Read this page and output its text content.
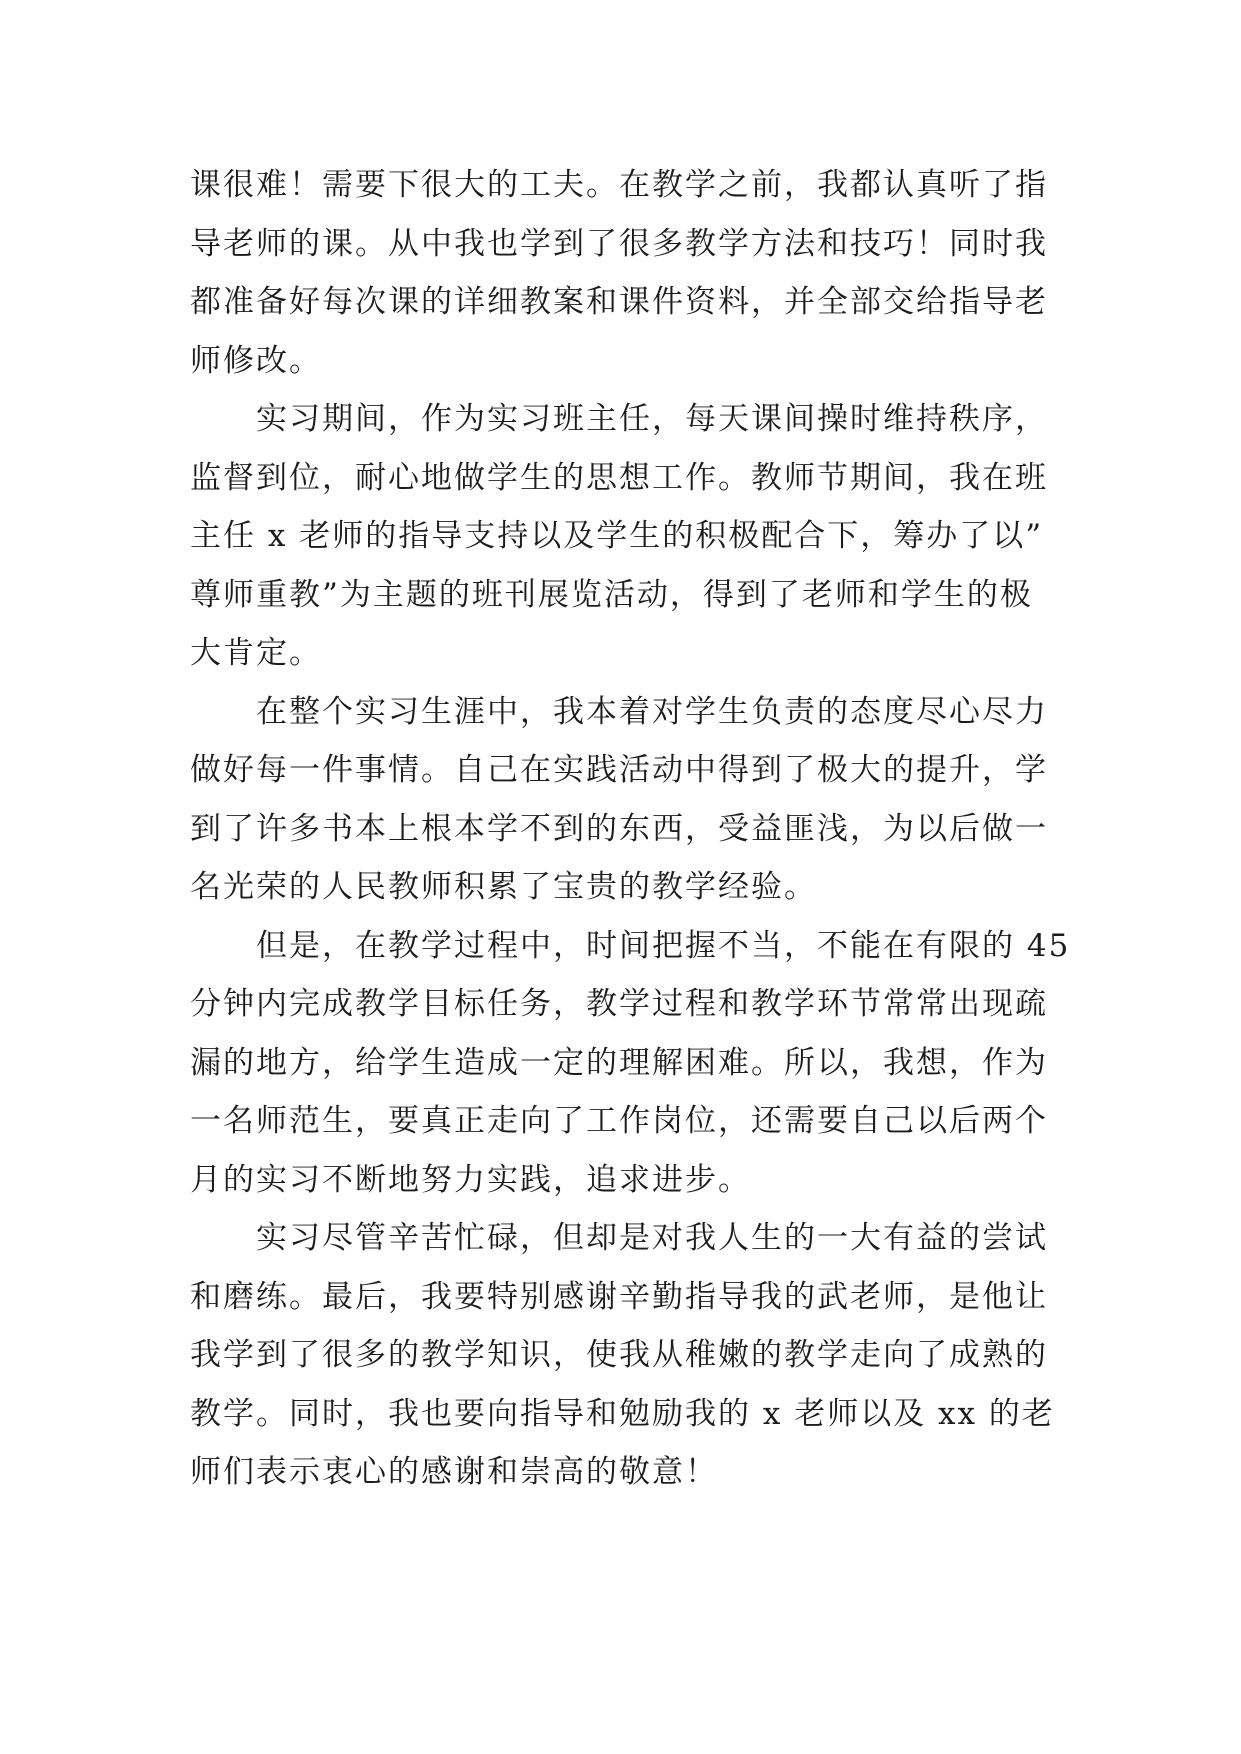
课很难！需要下很大的工夫。在教学之前，我都认真听了指
导老师的课。从中我也学到了很多教学方法和技巧！同时我
都准备好每次课的详细教案和课件资料，并全部交给指导老
师修改。
实习期间，作为实习班主任，每天课间操时维持秩序，
监督到位，耐心地做学生的思想工作。教师节期间，我在班
主任 x 老师的指导支持以及学生的积极配合下，筹办了以”
尊师重教”为主题的班刊展览活动，得到了老师和学生的极
大肯定。
在整个实习生涯中，我本着对学生负责的态度尽心尽力
做好每一件事情。自己在实践活动中得到了极大的提升，学
到了许多书本上根本学不到的东西，受益匪浅，为以后做一
名光荣的人民教师积累了宝贵的教学经验。
但是，在教学过程中，时间把握不当，不能在有限的 45
分钟内完成教学目标任务，教学过程和教学环节常常出现疏
漏的地方，给学生造成一定的理解困难。所以，我想，作为
一名师范生，要真正走向了工作岗位，还需要自己以后两个
月的实习不断地努力实践，追求进步。
实习尽管辛苦忙碌，但却是对我人生的一大有益的尝试
和磨练。最后，我要特别感谢辛勤指导我的武老师，是他让
我学到了很多的教学知识，使我从稚嫩的教学走向了成熟的
教学。同时，我也要向指导和勉励我的 x 老师以及 xx 的老
师们表示衷心的感谢和崇高的敬意！
